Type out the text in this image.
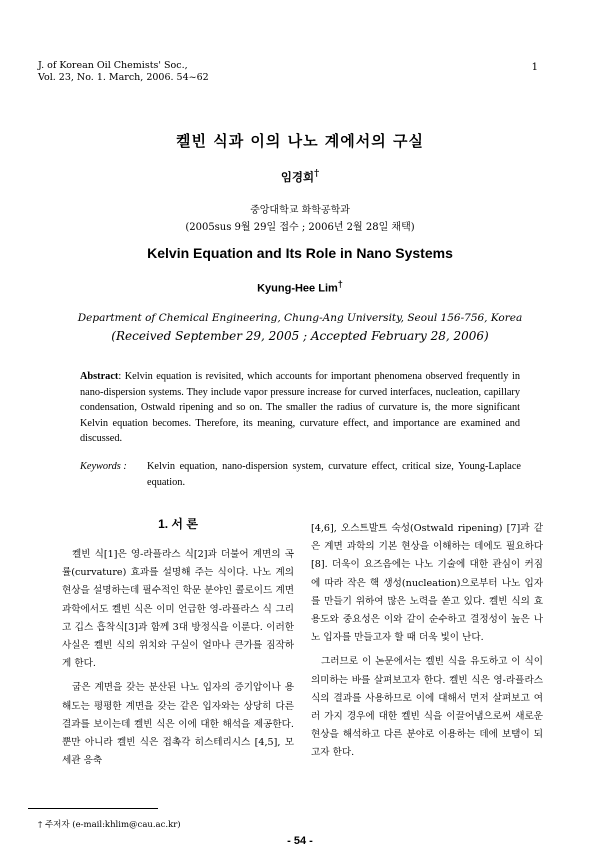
J. of Korean Oil Chemists' Soc.,
Vol. 23, No. 1. March, 2006. 54~62
1
켈빈 식과 이의 나노 계에서의 구실
임경희†
중앙대학교 화학공학과
(2005sus 9월 29일 접수 ; 2006년 2월 28일 채택)
Kelvin Equation and Its Role in Nano Systems
Kyung-Hee Lim†
Department of Chemical Engineering, Chung-Ang University, Seoul 156-756, Korea
(Received September 29, 2005 ; Accepted February 28, 2006)
Abstract: Kelvin equation is revisited, which accounts for important phenomena observed frequently in nano-dispersion systems. They include vapor pressure increase for curved interfaces, nucleation, capillary condensation, Ostwald ripening and so on. The smaller the radius of curvature is, the more significant Kelvin equation becomes. Therefore, its meaning, curvature effect, and importance are examined and discussed.
Keywords : Kelvin equation, nano-dispersion system, curvature effect, critical size, Young-Laplace equation.
1. 서 론

켈빈 식[1]은 영-라플라스 식[2]과 더불어 계면의 곡률(curvature) 효과를 설명해 주는 식이다. 나노 계의 현상을 설명하는데 필수적인 학문 분야인 콜로이드 계면과학에서도 켈빈 식은 이미 언급한 영-라플라스 식 그리고 깁스 흡착식[3]과 함께 3대 방정식을 이룬다. 이러한 사실은 켈빈 식의 위치와 구실이 얼마나 큰가를 짐작하게 한다.

굽은 계면을 갖는 분산된 나노 입자의 증기압이나 용해도는 평평한 계면을 갖는 같은 입자와는 상당히 다른 결과를 보이는데 켈빈 식은 이에 대한 해석을 제공한다. 뿐만 아니라 켈빈 식은 접촉각 히스테리시스 [4,5], 모세관 응축

[4,6], 오스트발트 숙성(Ostwald ripening) [7]과 같은 계면 과학의 기본 현상을 이해하는 데에도 필요하다 [8]. 더욱이 요즈음에는 나노 기술에 대한 관심이 커짐에 따라 작은 핵 생성(nucleation)으로부터 나노 입자를 만들기 위하여 많은 노력을 쏟고 있다. 켈빈 식의 효용도와 중요성은 이와 같이 순수하고 결정성이 높은 나노 입자를 만들고자 할 때 더욱 빛이 난다.

그러므로 이 논문에서는 켈빈 식을 유도하고 이 식이 의미하는 바를 살펴보고자 한다. 켈빈 식은 영-라플라스 식의 결과를 사용하므로 이에 대해서 먼저 살펴보고 여러 가지 경우에 대한 켈빈 식을 이끌어냄으로써 새로운 현상을 해석하고 다른 분야로 이용하는 데에 보탬이 되고자 한다.

† 주저자 (e-mail:khlim@cau.ac.kr)
- 54 -
